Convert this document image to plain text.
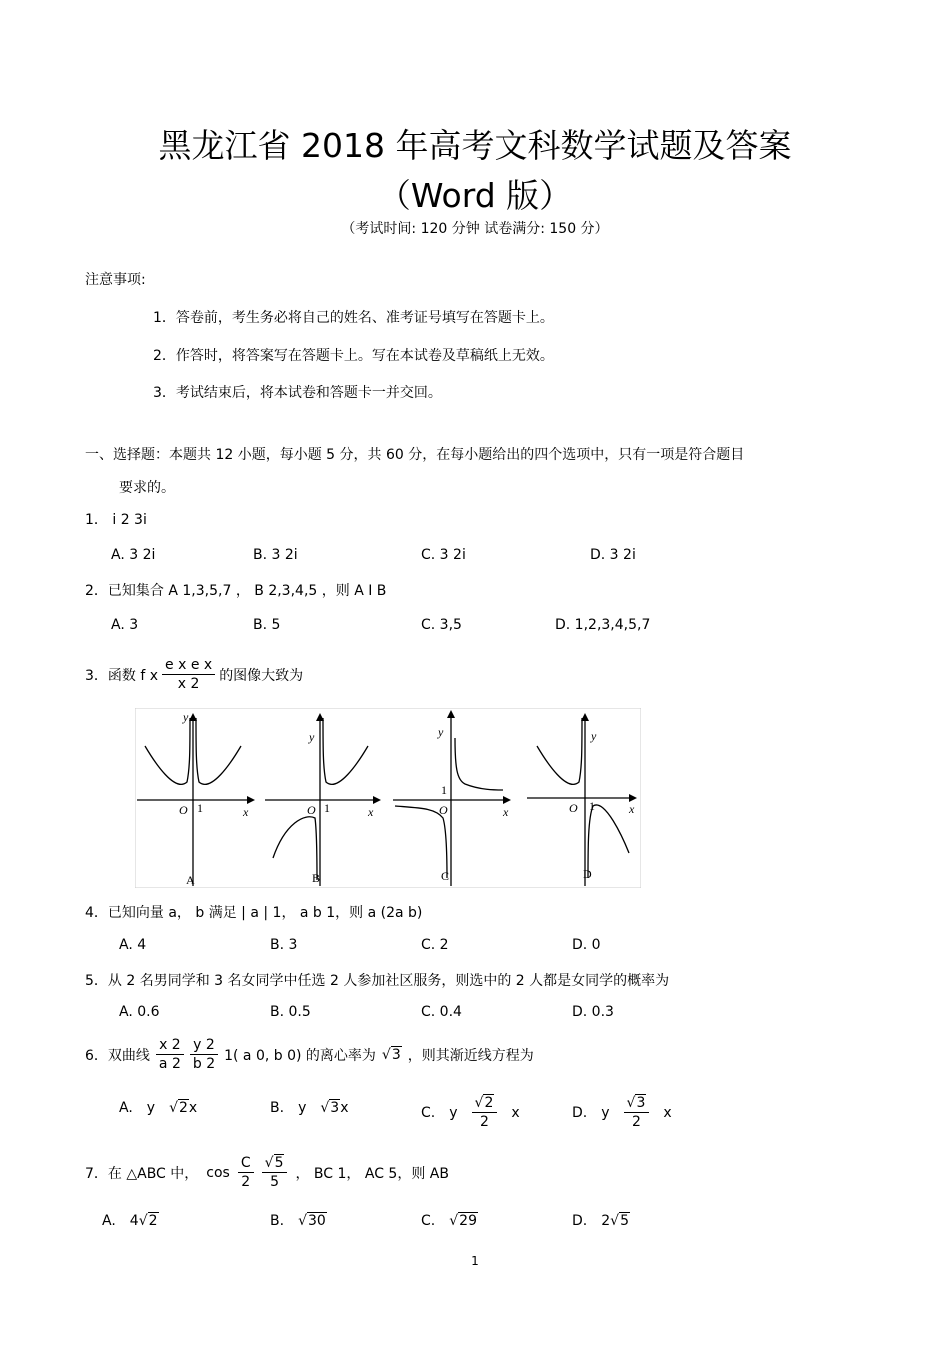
黑龙江省 2018 年高考文科数学试题及答案
（Word 版）
（考试时间: 120 分钟 试卷满分: 150 分）
注意事项:
1．答卷前，考生务必将自己的姓名、准考证号填写在答题卡上。
2．作答时，将答案写在答题卡上。写在本试卷及草稿纸上无效。
3．考试结束后，将本试卷和答题卡一并交回。
一、选择题：本题共 12 小题，每小题 5 分，共 60 分，在每小题给出的四个选项中，只有一项是符合题目
要求的。
1． i 2 3i
A. 3 2i	B. 3 2i	C. 3 2i	D. 3 2i
2．已知集合 A 1,3,5,7 ， B 2,3,4,5 ，则 A I B
A. 3	B. 5	C. 3,5	D. 1,2,3,4,5,7
3．函数 f x $\frac{\text{e x e x}}{x 2}$ 的图像大致为
y
x
O 1
A
y
x
O 1
B
y
x
O
1
C
y
x
O 1
D
4．已知向量 a， b 满足 | a | 1， a b 1，则 a (2a b)
A. 4	B. 3	C. 2	D. 0
5．从 2 名男同学和 3 名女同学中任选 2 人参加社区服务，则选中的 2 人都是女同学的概率为
A. 0.6	B. 0.5	C. 0.4	D. 0.3
6．双曲线 $\frac{x 2}{a 2} \frac{y 2}{b 2} 1$( a 0, b 0) 的离心率为 √3 ，则其渐近线方程为
A. y √2x	B. y √3x	C. y $\frac{√2}{2}$ x	D. y $\frac{√3}{2}$ x
7．在 △ABC 中， $\cos \frac{C}{2} \frac{√5}{5}$ ， BC 1， AC 5，则 AB
A. 4√2	B. √30	C. √29	D. 2√5
1
